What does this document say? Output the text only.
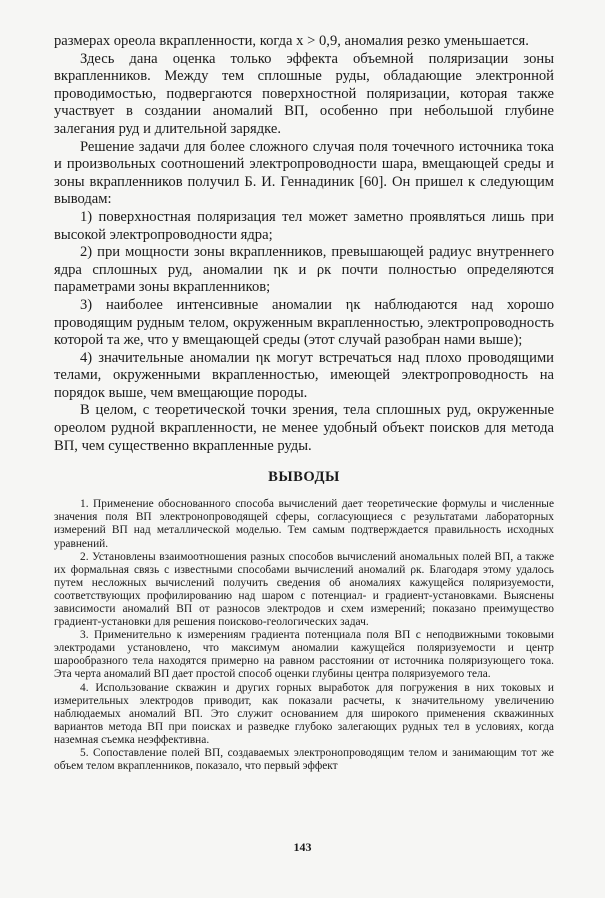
размерах ореола вкрапленности, когда x > 0,9, аномалия резко уменьшается.

Здесь дана оценка только эффекта объемной поляризации зоны вкрапленников. Между тем сплошные руды, обладающие электронной проводимостью, подвергаются поверхностной поляризации, которая также участвует в создании аномалий ВП, особенно при небольшой глубине залегания руд и длительной зарядке.

Решение задачи для более сложного случая поля точечного источника тока и произвольных соотношений электропроводности шара, вмещающей среды и зоны вкрапленников получил Б. И. Геннадиник [60]. Он пришел к следующим выводам:

1) поверхностная поляризация тел может заметно проявляться лишь при высокой электропроводности ядра;

2) при мощности зоны вкрапленников, превышающей радиус внутреннего ядра сплошных руд, аномалии ηк и ρк почти полностью определяются параметрами зоны вкрапленников;

3) наиболее интенсивные аномалии ηк наблюдаются над хорошо проводящим рудным телом, окруженным вкрапленностью, электропроводность которой та же, что у вмещающей среды (этот случай разобран нами выше);

4) значительные аномалии ηк могут встречаться над плохо проводящими телами, окруженными вкрапленностью, имеющей электропроводность на порядок выше, чем вмещающие породы.

В целом, с теоретической точки зрения, тела сплошных руд, окруженные ореолом рудной вкрапленности, не менее удобный объект поисков для метода ВП, чем существенно вкрапленные руды.

ВЫВОДЫ

1. Применение обоснованного способа вычислений дает теоретические формулы и численные значения поля ВП электронопроводящей сферы, согласующиеся с результатами лабораторных измерений ВП над металлической моделью. Тем самым подтверждается правильность исходных уравнений.

2. Установлены взаимоотношения разных способов вычислений аномальных полей ВП, а также их формальная связь с известными способами вычислений аномалий ρк. Благодаря этому удалось путем несложных вычислений получить сведения об аномалиях кажущейся поляризуемости, соответствующих профилированию над шаром с потенциал- и градиент-установками. Выяснены зависимости аномалий ВП от разносов электродов и схем измерений; показано преимущество градиент-установки для решения поисково-геологических задач.

3. Применительно к измерениям градиента потенциала поля ВП с неподвижными токовыми электродами установлено, что максимум аномалии кажущейся поляризуемости и центр шарообразного тела находятся примерно на равном расстоянии от источника поляризующего тока. Эта черта аномалий ВП дает простой способ оценки глубины центра поляризуемого тела.

4. Использование скважин и других горных выработок для погружения в них токовых и измерительных электродов приводит, как показали расчеты, к значительному увеличению наблюдаемых аномалий ВП. Это служит основанием для широкого применения скважинных вариантов метода ВП при поисках и разведке глубоко залегающих рудных тел в условиях, когда наземная съемка неэффективна.

5. Сопоставление полей ВП, создаваемых электронопроводящим телом и занимающим тот же объем телом вкрапленников, показало, что первый эффект

143
